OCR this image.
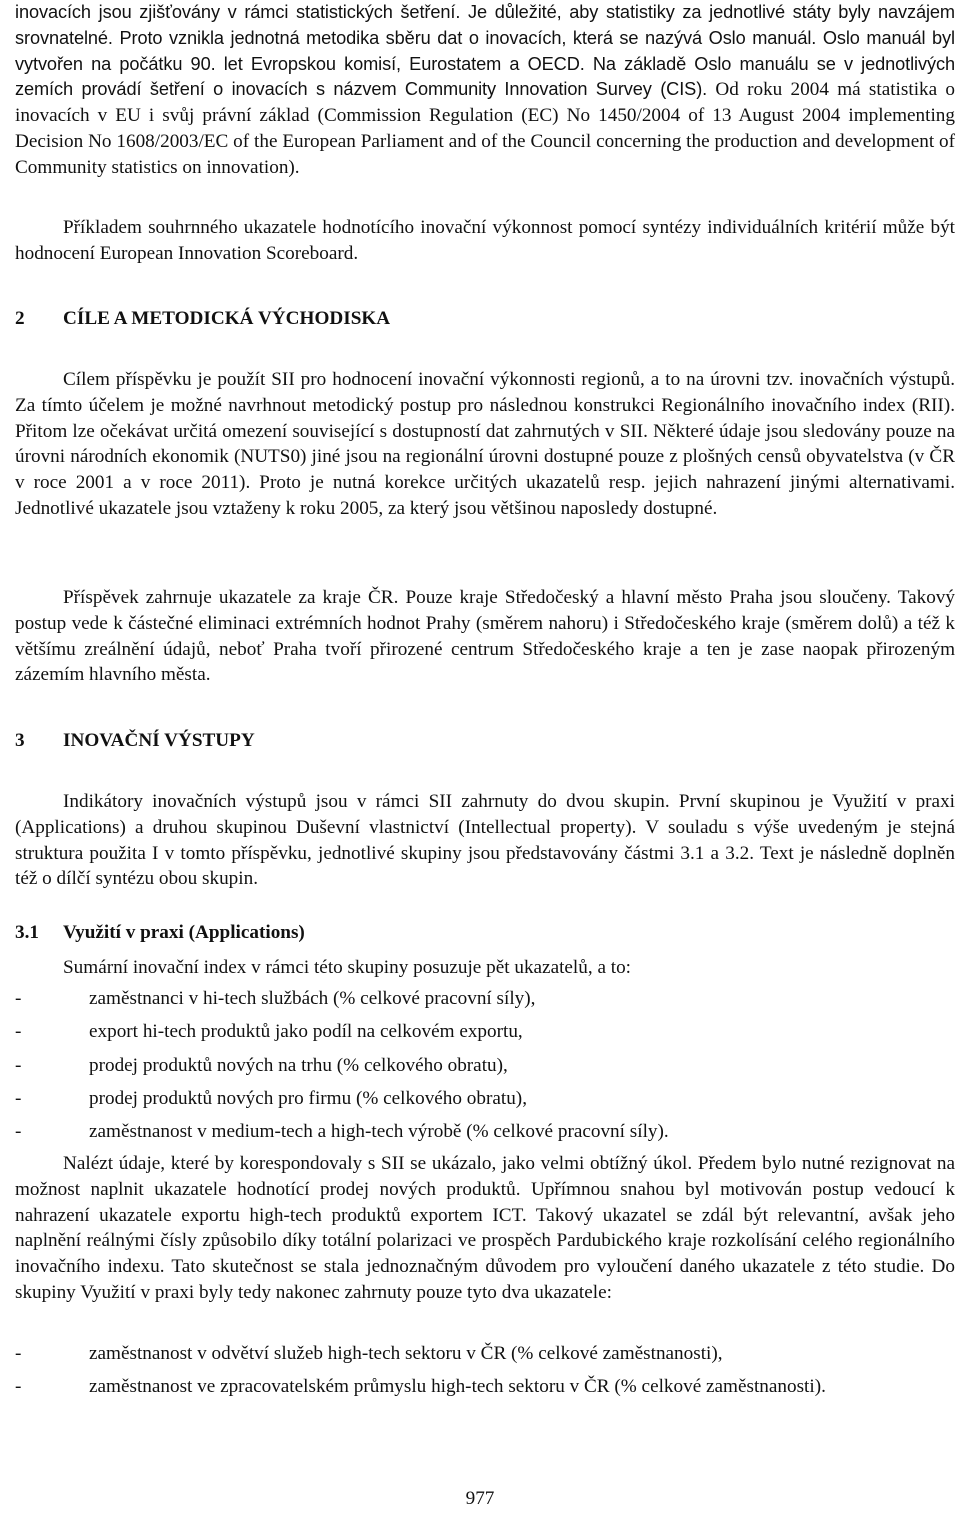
inovacích jsou zjišťovány v rámci statistických šetření. Je důležité, aby statistiky za jednotlivé státy byly navzájem srovnatelné. Proto vznikla jednotná metodika sběru dat o inovacích, která se nazývá Oslo manuál. Oslo manuál byl vytvořen na počátku 90. let Evropskou komisí, Eurostatem a OECD. Na základě Oslo manuálu se v jednotlivých zemích provádí šetření o inovacích s názvem Community Innovation Survey (CIS). Od roku 2004 má statistika o inovacích v EU i svůj právní základ (Commission Regulation (EC) No 1450/2004 of 13 August 2004 implementing Decision No 1608/2003/EC of the European Parliament and of the Council concerning the production and development of Community statistics on innovation).

Příkladem souhrnného ukazatele hodnotícího inovační výkonnost pomocí syntézy individuálních kritérií může být hodnocení European Innovation Scoreboard.

2	CÍLE A METODICKÁ VÝCHODISKA

Cílem příspěvku je použít SII pro hodnocení inovační výkonnosti regionů, a to na úrovni tzv. inovačních výstupů. Za tímto účelem je možné navrhnout metodický postup pro následnou konstrukci Regionálního inovačního index (RII). Přitom lze očekávat určitá omezení související s dostupností dat zahrnutých v SII. Některé údaje jsou sledovány pouze na úrovni národních ekonomik (NUTS0) jiné jsou na regionální úrovni dostupné pouze z plošných censů obyvatelstva (v ČR v roce 2001 a v roce 2011). Proto je nutná korekce určitých ukazatelů resp. jejich nahrazení jinými alternativami. Jednotlivé ukazatele jsou vztaženy k roku 2005, za který jsou většinou naposledy dostupné.

Příspěvek zahrnuje ukazatele za kraje ČR. Pouze kraje Středočeský a hlavní město Praha jsou sloučeny. Takový postup vede k částečné eliminaci extrémních hodnot Prahy (směrem nahoru) i Středočeského kraje (směrem dolů) a též k většímu zreálnění údajů, neboť Praha tvoří přirozené centrum Středočeského kraje a ten je zase naopak přirozeným zázemím hlavního města.

3	INOVAČNÍ VÝSTUPY

Indikátory inovačních výstupů jsou v rámci SII zahrnuty do dvou skupin. První skupinou je Využití v praxi (Applications) a druhou skupinou Duševní vlastnictví (Intellectual property). V souladu s výše uvedeným je stejná struktura použita I v tomto příspěvku, jednotlivé skupiny jsou představovány částmi 3.1 a 3.2. Text je následně doplněn též o dílčí syntézu obou skupin.

3.1	Využití v praxi (Applications)

Sumární inovační index v rámci této skupiny posuzuje pět ukazatelů, a to:

-	zaměstnanci v hi-tech službách (% celkové pracovní síly),
-	export hi-tech produktů jako podíl na celkovém exportu,
-	prodej produktů nových na trhu (% celkového obratu),
-	prodej produktů nových pro firmu (% celkového obratu),
-	zaměstnanost v medium-tech a high-tech výrobě (% celkové pracovní síly).

Nalézt údaje, které by korespondovaly s SII se ukázalo, jako velmi obtížný úkol. Předem bylo nutné rezignovat na možnost naplnit ukazatele hodnotící prodej nových produktů. Upřímnou snahou byl motivován postup vedoucí k nahrazení ukazatele exportu high-tech produktů exportem ICT. Takový ukazatel se zdál být relevantní, avšak jeho naplnění reálnými čísly způsobilo díky totální polarizaci ve prospěch Pardubického kraje rozkolísání celého regionálního inovačního indexu. Tato skutečnost se stala jednoznačným důvodem pro vyloučení daného ukazatele z této studie. Do skupiny Využití v praxi byly tedy nakonec zahrnuty pouze tyto dva ukazatele:

-	zaměstnanost v odvětví služeb high-tech sektoru v ČR (% celkové zaměstnanosti),
-	zaměstnanost ve zpracovatelském průmyslu high-tech sektoru v ČR (% celkové zaměstnanosti).
977
